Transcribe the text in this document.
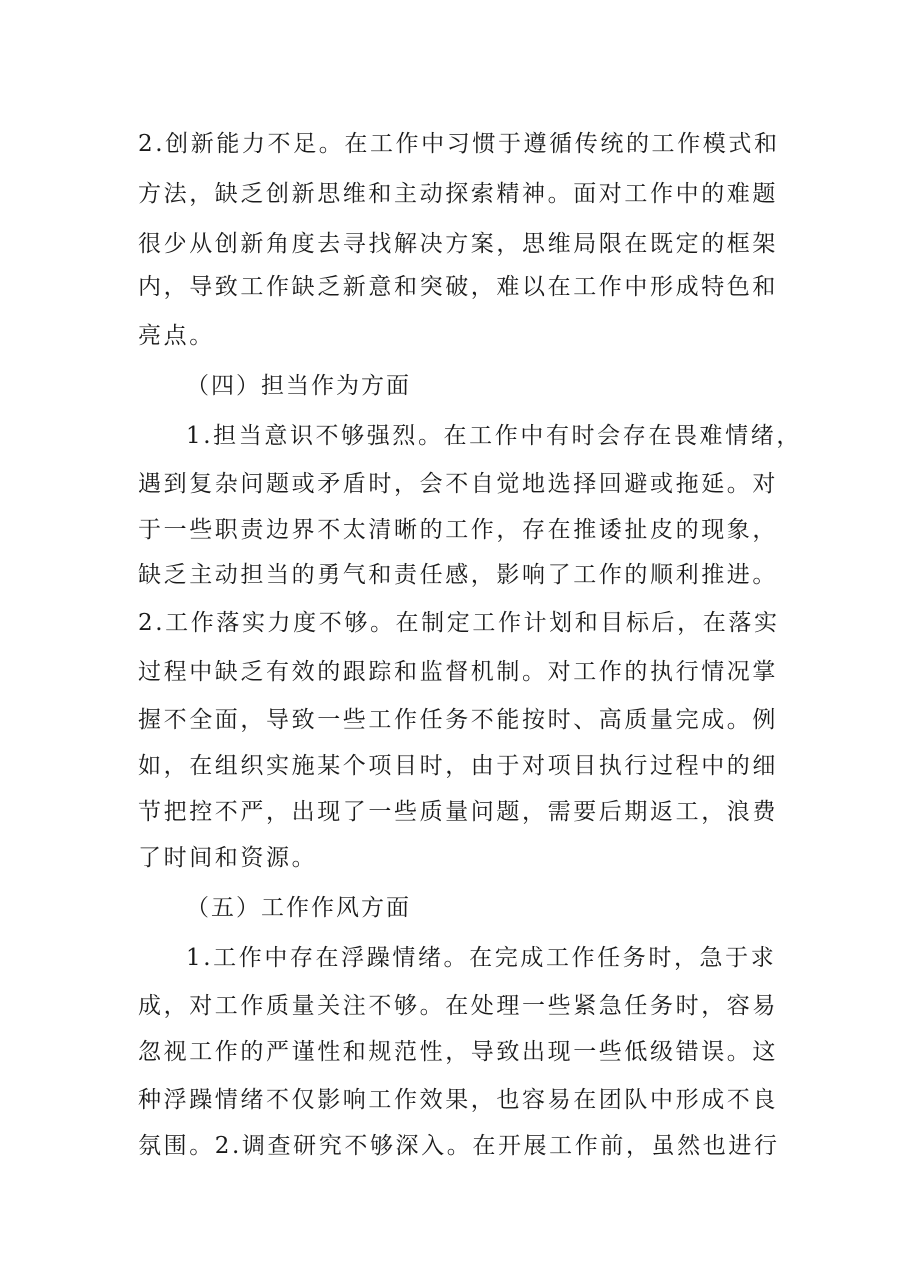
2.创新能力不足。在工作中习惯于遵循传统的工作模式和
方法，缺乏创新思维和主动探索精神。面对工作中的难题
很少从创新角度去寻找解决方案，思维局限在既定的框架
内，导致工作缺乏新意和突破，难以在工作中形成特色和
亮点。
（四）担当作为方面
1.担当意识不够强烈。在工作中有时会存在畏难情绪，
遇到复杂问题或矛盾时，会不自觉地选择回避或拖延。对
于一些职责边界不太清晰的工作，存在推诿扯皮的现象，
缺乏主动担当的勇气和责任感，影响了工作的顺利推进。
2.工作落实力度不够。在制定工作计划和目标后，在落实
过程中缺乏有效的跟踪和监督机制。对工作的执行情况掌
握不全面，导致一些工作任务不能按时、高质量完成。例
如，在组织实施某个项目时，由于对项目执行过程中的细
节把控不严，出现了一些质量问题，需要后期返工，浪费
了时间和资源。
（五）工作作风方面
1.工作中存在浮躁情绪。在完成工作任务时，急于求
成，对工作质量关注不够。在处理一些紧急任务时，容易
忽视工作的严谨性和规范性，导致出现一些低级错误。这
种浮躁情绪不仅影响工作效果，也容易在团队中形成不良
氛围。2.调查研究不够深入。在开展工作前，虽然也进行
